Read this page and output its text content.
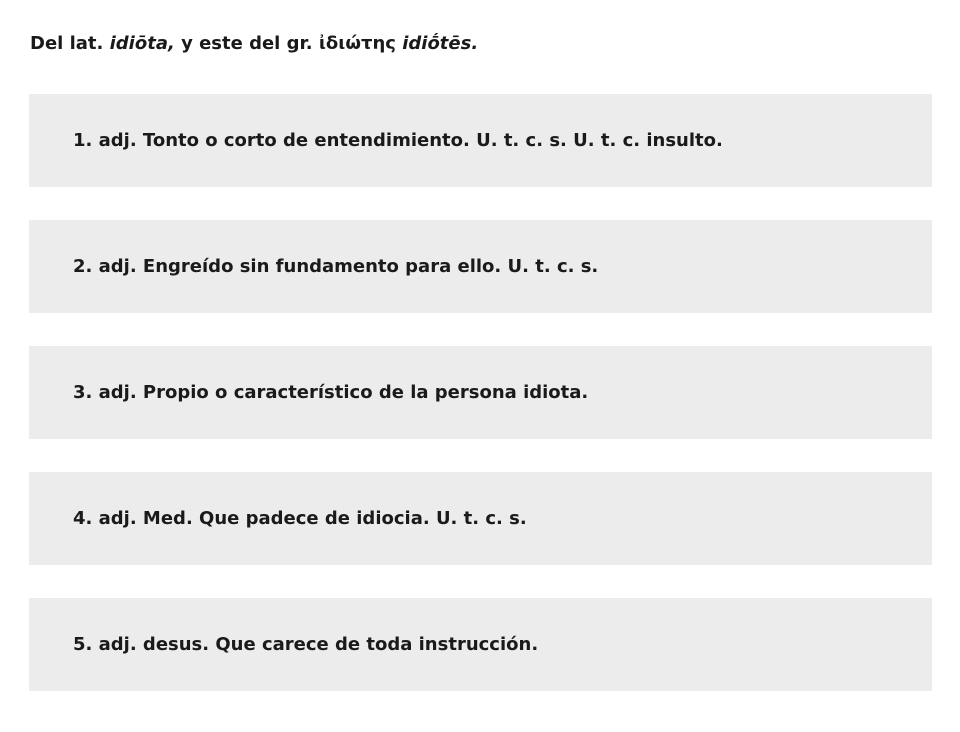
Del lat. idiōta, y este del gr. ἰδιώτης idiṓtēs.

1. adj. Tonto o corto de entendimiento. U. t. c. s. U. t. c. insulto.
2. adj. Engreído sin fundamento para ello. U. t. c. s.
3. adj. Propio o característico de la persona idiota.
4. adj. Med. Que padece de idiocia. U. t. c. s.
5. adj. desus. Que carece de toda instrucción.
